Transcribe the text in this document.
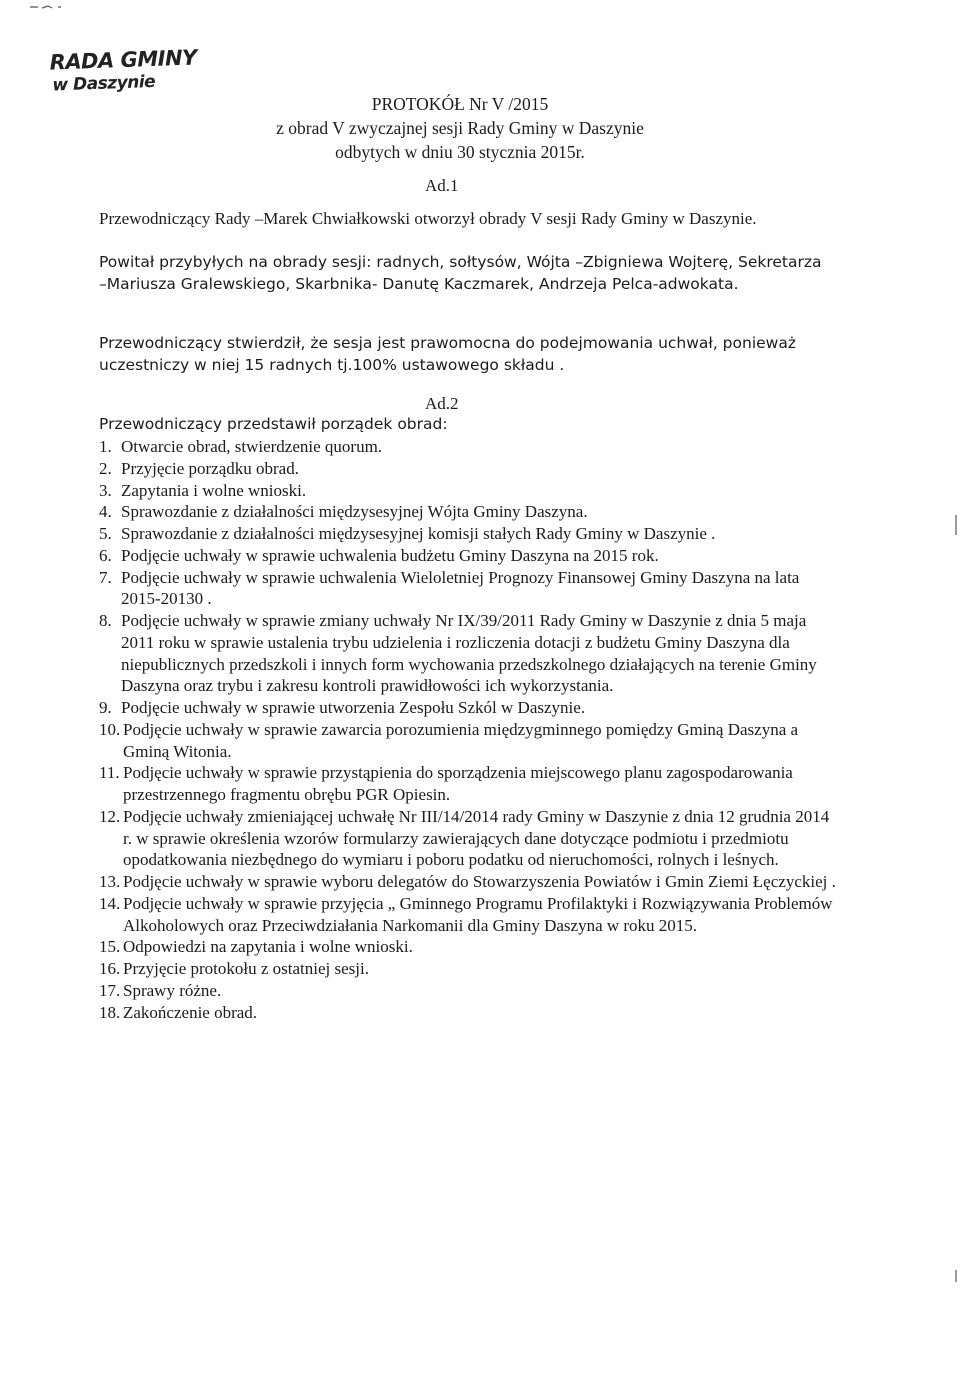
RADA GMINY
w Daszynie
PROTOKÓŁ Nr V /2015
z obrad V zwyczajnej sesji Rady Gminy w Daszynie
odbytych w dniu 30 stycznia 2015r.
Ad.1

Przewodniczący Rady –Marek Chwiałkowski otworzył obrady V sesji Rady Gminy w Daszynie.

Powitał przybyłych na obrady sesji: radnych, sołtysów, Wójta –Zbigniewa Wojterę, Sekretarza –Mariusza Gralewskiego, Skarbnika- Danutę Kaczmarek, Andrzeja Pelca-adwokata.

Przewodniczący stwierdził, że sesja jest prawomocna do podejmowania uchwał, ponieważ uczestniczy w niej 15 radnych tj.100% ustawowego składu .

Ad.2

Przewodniczący przedstawił porządek obrad:

1. Otwarcie obrad, stwierdzenie quorum.
2. Przyjęcie porządku obrad.
3. Zapytania i wolne wnioski.
4. Sprawozdanie z działalności międzysesyjnej Wójta Gminy Daszyna.
5. Sprawozdanie z działalności międzysesyjnej komisji stałych Rady Gminy w Daszynie .
6. Podjęcie uchwały w sprawie uchwalenia budżetu Gminy Daszyna na 2015 rok.
7. Podjęcie uchwały w sprawie uchwalenia Wieloletniej Prognozy Finansowej Gminy Daszyna na lata 2015-20130 .
8. Podjęcie uchwały w sprawie zmiany uchwały Nr IX/39/2011 Rady Gminy w Daszynie z dnia 5 maja 2011 roku w sprawie ustalenia trybu udzielenia i rozliczenia dotacji z budżetu Gminy Daszyna dla niepublicznych przedszkoli i innych form wychowania przedszkolnego działających na terenie Gminy Daszyna oraz trybu i zakresu kontroli prawidłowości ich wykorzystania.
9. Podjęcie uchwały w sprawie utworzenia Zespołu Szkól w Daszynie.
10. Podjęcie uchwały w sprawie zawarcia porozumienia międzygminnego pomiędzy Gminą Daszyna a Gminą Witonia.
11. Podjęcie uchwały w sprawie przystąpienia do sporządzenia miejscowego planu zagospodarowania przestrzennego fragmentu obrębu PGR Opiesin.
12. Podjęcie uchwały zmieniającej uchwałę Nr III/14/2014 rady Gminy w Daszynie z dnia 12 grudnia 2014 r. w sprawie określenia wzorów formularzy zawierających dane dotyczące podmiotu i przedmiotu opodatkowania niezbędnego do wymiaru i poboru podatku od nieruchomości, rolnych i leśnych.
13. Podjęcie uchwały w sprawie wyboru delegatów do Stowarzyszenia Powiatów i Gmin Ziemi Łęczyckiej .
14. Podjęcie uchwały w sprawie przyjęcia „ Gminnego Programu Profilaktyki i Rozwiązywania Problemów Alkoholowych oraz Przeciwdziałania Narkomanii dla Gminy Daszyna w roku 2015.
15. Odpowiedzi na zapytania i wolne wnioski.
16. Przyjęcie protokołu z ostatniej sesji.
17. Sprawy różne.
18. Zakończenie obrad.
